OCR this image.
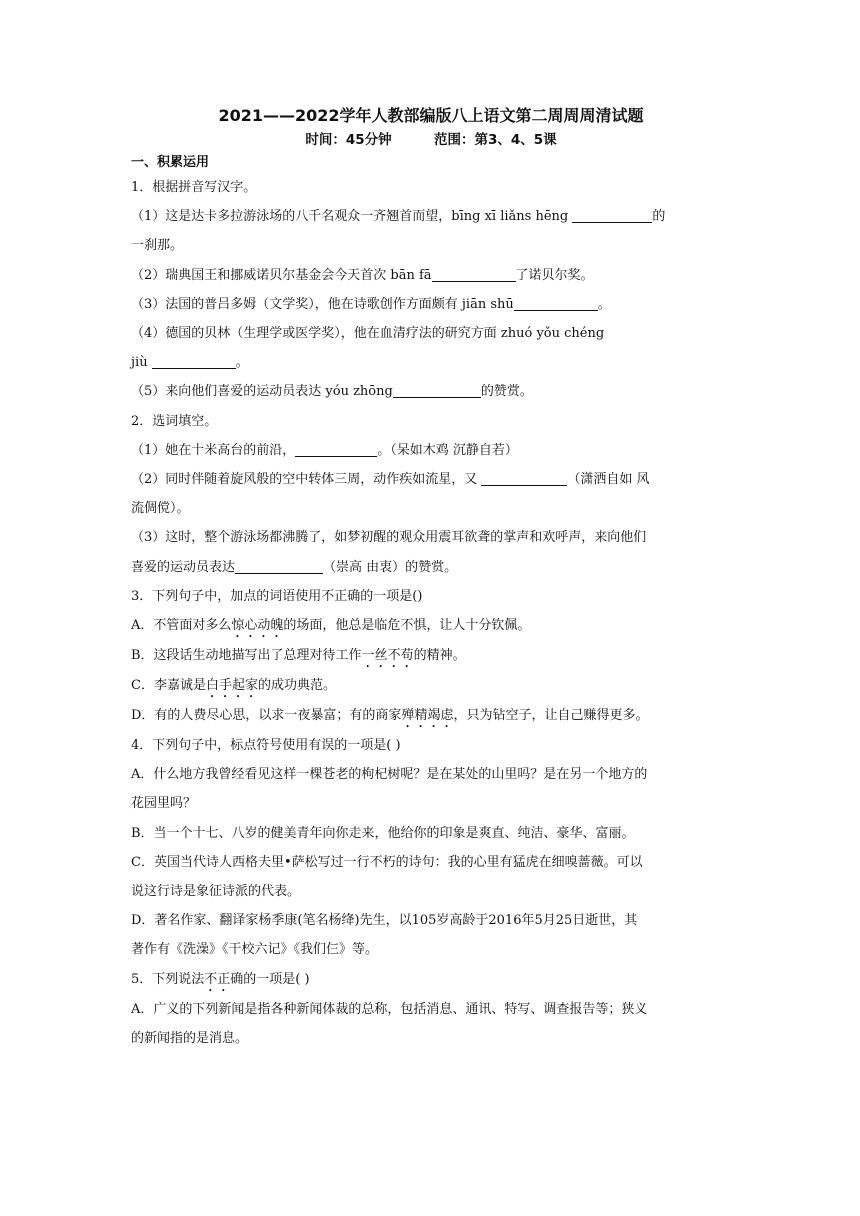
2021——2022学年人教部编版八上语文第二周周周清试题
时间：45分钟	范围：第3、4、5课
一、积累运用
1．根据拼音写汉字。
（1）这是达卡多拉游泳场的八千名观众一齐翘首而望，bīng xī liǎns hēng	的
一刹那。
（2）瑞典国王和挪威诺贝尔基金会今天首次 bān fā	了诺贝尔奖。
（3）法国的普吕多姆（文学奖），他在诗歌创作方面颇有 jiān shū	。
（4）德国的贝林（生理学或医学奖），他在血清疗法的研究方面 zhuó yǒu chéng
jiù	。
（5）来向他们喜爱的运动员表达 yóu zhōng	的赞赏。
2．选词填空。
（1）她在十米高台的前沿，	。（呆如木鸡 沉静自若）
（2）同时伴随着旋风般的空中转体三周，动作疾如流星，又	（潇洒自如 风
流倜傥）。
（3）这时，整个游泳场都沸腾了，如梦初醒的观众用震耳欲聋的掌声和欢呼声，来向他们
喜爱的运动员表达	（崇高 由衷）的赞赏。
3．下列句子中，加点的词语使用不正确的一项是()
A．不管面对多么惊心动魄的场面，他总是临危不惧，让人十分钦佩。
B．这段话生动地描写出了总理对待工作一丝不苟的精神。
C．李嘉诚是白手起家的成功典范。
D．有的人费尽心思，以求一夜暴富；有的商家殚精竭虑，只为钻空子，让自己赚得更多。
4．下列句子中，标点符号使用有误的一项是( )
A．什么地方我曾经看见这样一棵苍老的枸杞树呢？是在某处的山里吗？是在另一个地方的
花园里吗？
B．当一个十七、八岁的健美青年向你走来，他给你的印象是爽直、纯洁、豪华、富丽。
C．英国当代诗人西格夫里•萨松写过一行不朽的诗句：我的心里有猛虎在细嗅蔷薇。可以
说这行诗是象征诗派的代表。
D．著名作家、翻译家杨季康(笔名杨绛)先生，以105岁高龄于2016年5月25日逝世，其
著作有《洗澡》《干校六记》《我们仨》等。
5．下列说法不正确的一项是( )
A．广义的下列新闻是指各种新闻体裁的总称，包括消息、通讯、特写、调查报告等；狭义
的新闻指的是消息。
